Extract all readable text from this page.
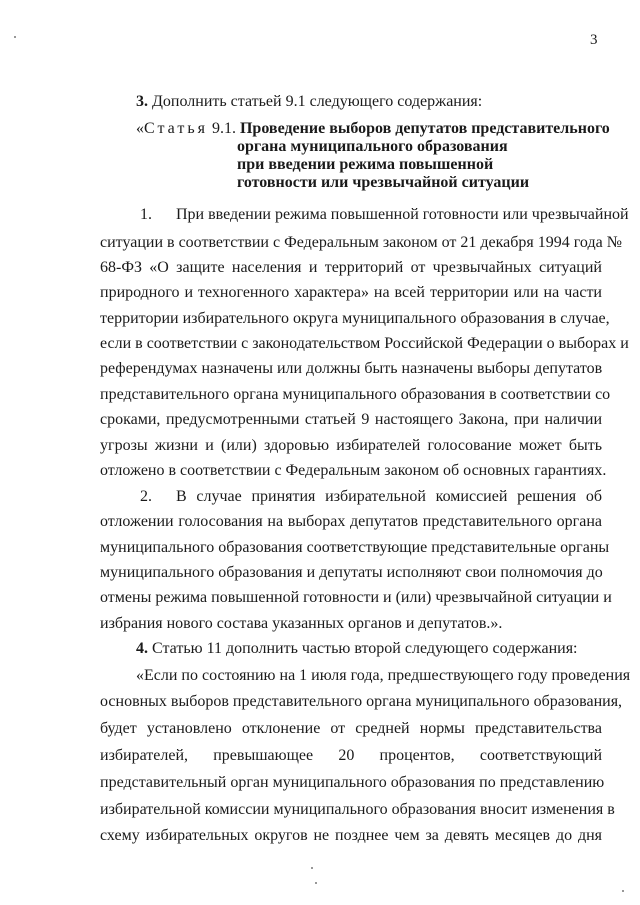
3
3. Дополнить статьей 9.1 следующего содержания:
«Статья 9.1. Проведение выборов депутатов представительного
органа муниципального образования
при введении режима повышенной
готовности или чрезвычайной ситуации
1.	При введении режима повышенной готовности или чрезвычайной
ситуации в соответствии с Федеральным законом от 21 декабря 1994 года №
68-ФЗ «О защите населения и территорий от чрезвычайных ситуаций
природного и техногенного характера» на всей территории или на части
территории избирательного округа муниципального образования в случае,
если в соответствии с законодательством Российской Федерации о выборах и
референдумах назначены или должны быть назначены выборы депутатов
представительного органа муниципального образования в соответствии со
сроками, предусмотренными статьей 9 настоящего Закона, при наличии
угрозы жизни и (или) здоровью избирателей голосование может быть
отложено в соответствии с Федеральным законом об основных гарантиях.
2.	В случае принятия избирательной комиссией решения об
отложении голосования на выборах депутатов представительного органа
муниципального образования соответствующие представительные органы
муниципального образования и депутаты исполняют свои полномочия до
отмены режима повышенной готовности и (или) чрезвычайной ситуации и
избрания нового состава указанных органов и депутатов.».
4. Статью 11 дополнить частью второй следующего содержания:
«Если по состоянию на 1 июля года, предшествующего году проведения
основных выборов представительного органа муниципального образования,
будет установлено отклонение от средней нормы представительства
избирателей, превышающее 20 процентов, соответствующий
представительный орган муниципального образования по представлению
избирательной комиссии муниципального образования вносит изменения в
схему избирательных округов не позднее чем за девять месяцев до дня
